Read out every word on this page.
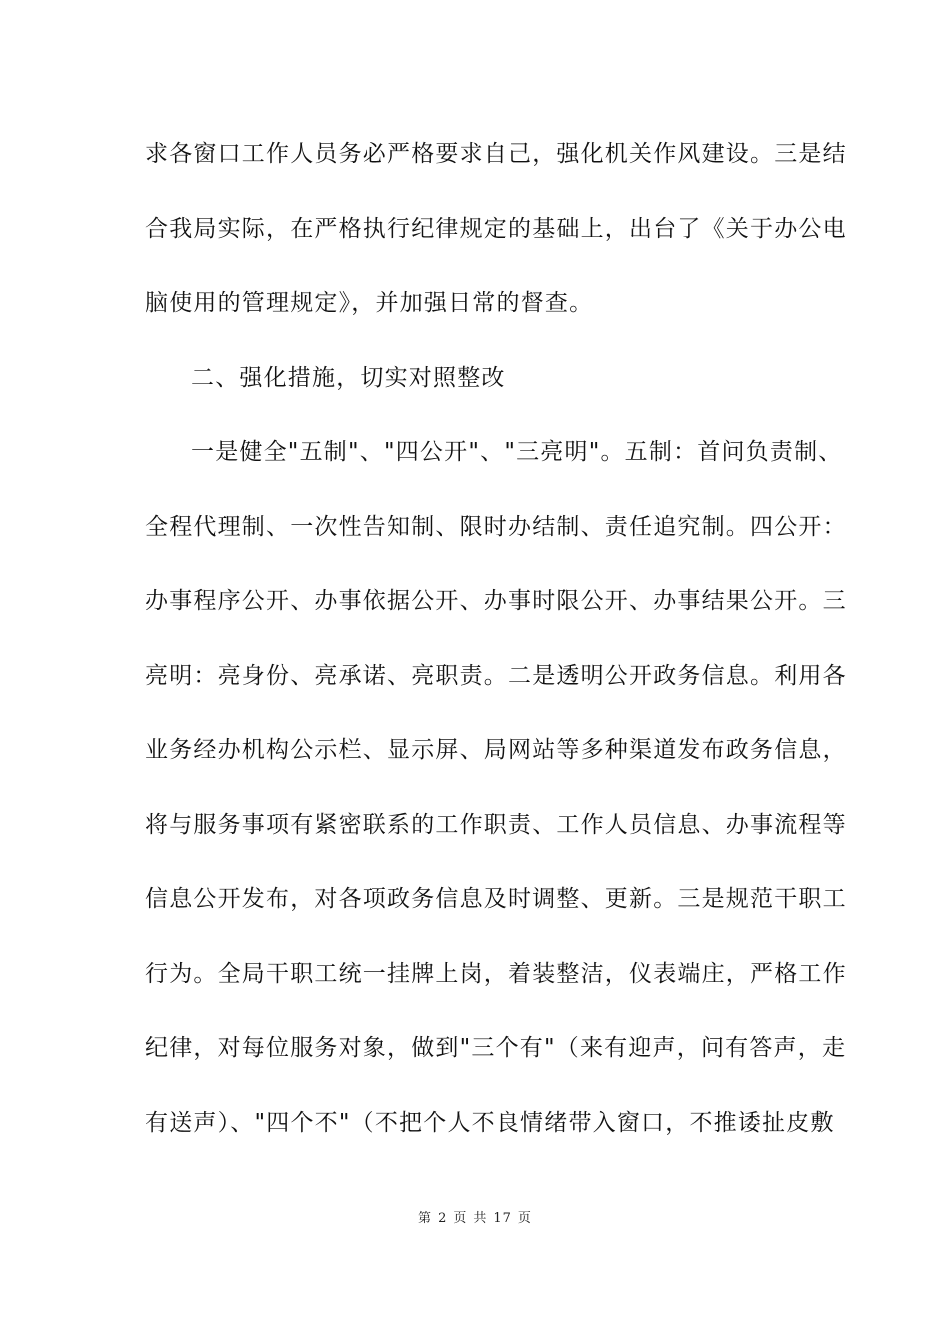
求各窗口工作人员务必严格要求自己，强化机关作风建设。三是结
合我局实际，在严格执行纪律规定的基础上，出台了《关于办公电
脑使用的管理规定》，并加强日常的督查。
二、强化措施，切实对照整改
一是健全"五制"、"四公开"、"三亮明"。五制：首问负责制、
全程代理制、一次性告知制、限时办结制、责任追究制。四公开：
办事程序公开、办事依据公开、办事时限公开、办事结果公开。三
亮明：亮身份、亮承诺、亮职责。二是透明公开政务信息。利用各
业务经办机构公示栏、显示屏、局网站等多种渠道发布政务信息，
将与服务事项有紧密联系的工作职责、工作人员信息、办事流程等
信息公开发布，对各项政务信息及时调整、更新。三是规范干职工
行为。全局干职工统一挂牌上岗，着装整洁，仪表端庄，严格工作
纪律，对每位服务对象，做到"三个有"（来有迎声，问有答声，走
有送声）、"四个不"（不把个人不良情绪带入窗口，不推诿扯皮敷
第 2 页 共 17 页
